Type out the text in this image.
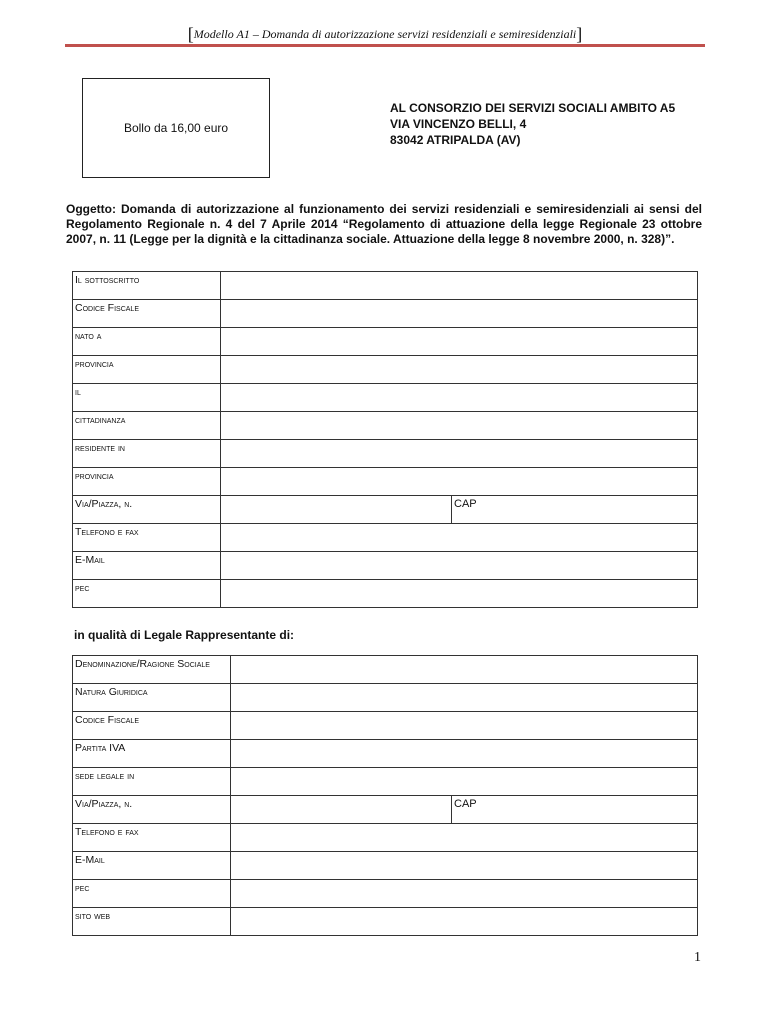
[Modello A1 – Domanda di autorizzazione servizi residenziali e semiresidenziali]
Bollo da 16,00 euro
AL CONSORZIO DEI SERVIZI SOCIALI AMBITO A5
VIA VINCENZO BELLI, 4
83042 ATRIPALDA (AV)
Oggetto: Domanda di autorizzazione al funzionamento dei servizi residenziali e semiresidenziali ai sensi del Regolamento Regionale n. 4 del 7 Aprile 2014 “Regolamento di attuazione della legge Regionale 23 ottobre 2007, n. 11 (Legge per la dignità e la cittadinanza sociale. Attuazione della legge 8 novembre 2000, n. 328)”.
Il sottoscritto		
Codice Fiscale		
nato a		
provincia		
il		
cittadinanza		
residente in		
provincia		
Via/Piazza, n.		CAP
Telefono e fax		
E-Mail		
pec		
in qualità di Legale Rappresentante di:
Denominazione/Ragione Sociale		
Natura Giuridica		
Codice Fiscale		
Partita IVA		
sede legale in		
Via/Piazza, n.		CAP
Telefono e fax		
E-Mail		
pec		
sito web		
1
